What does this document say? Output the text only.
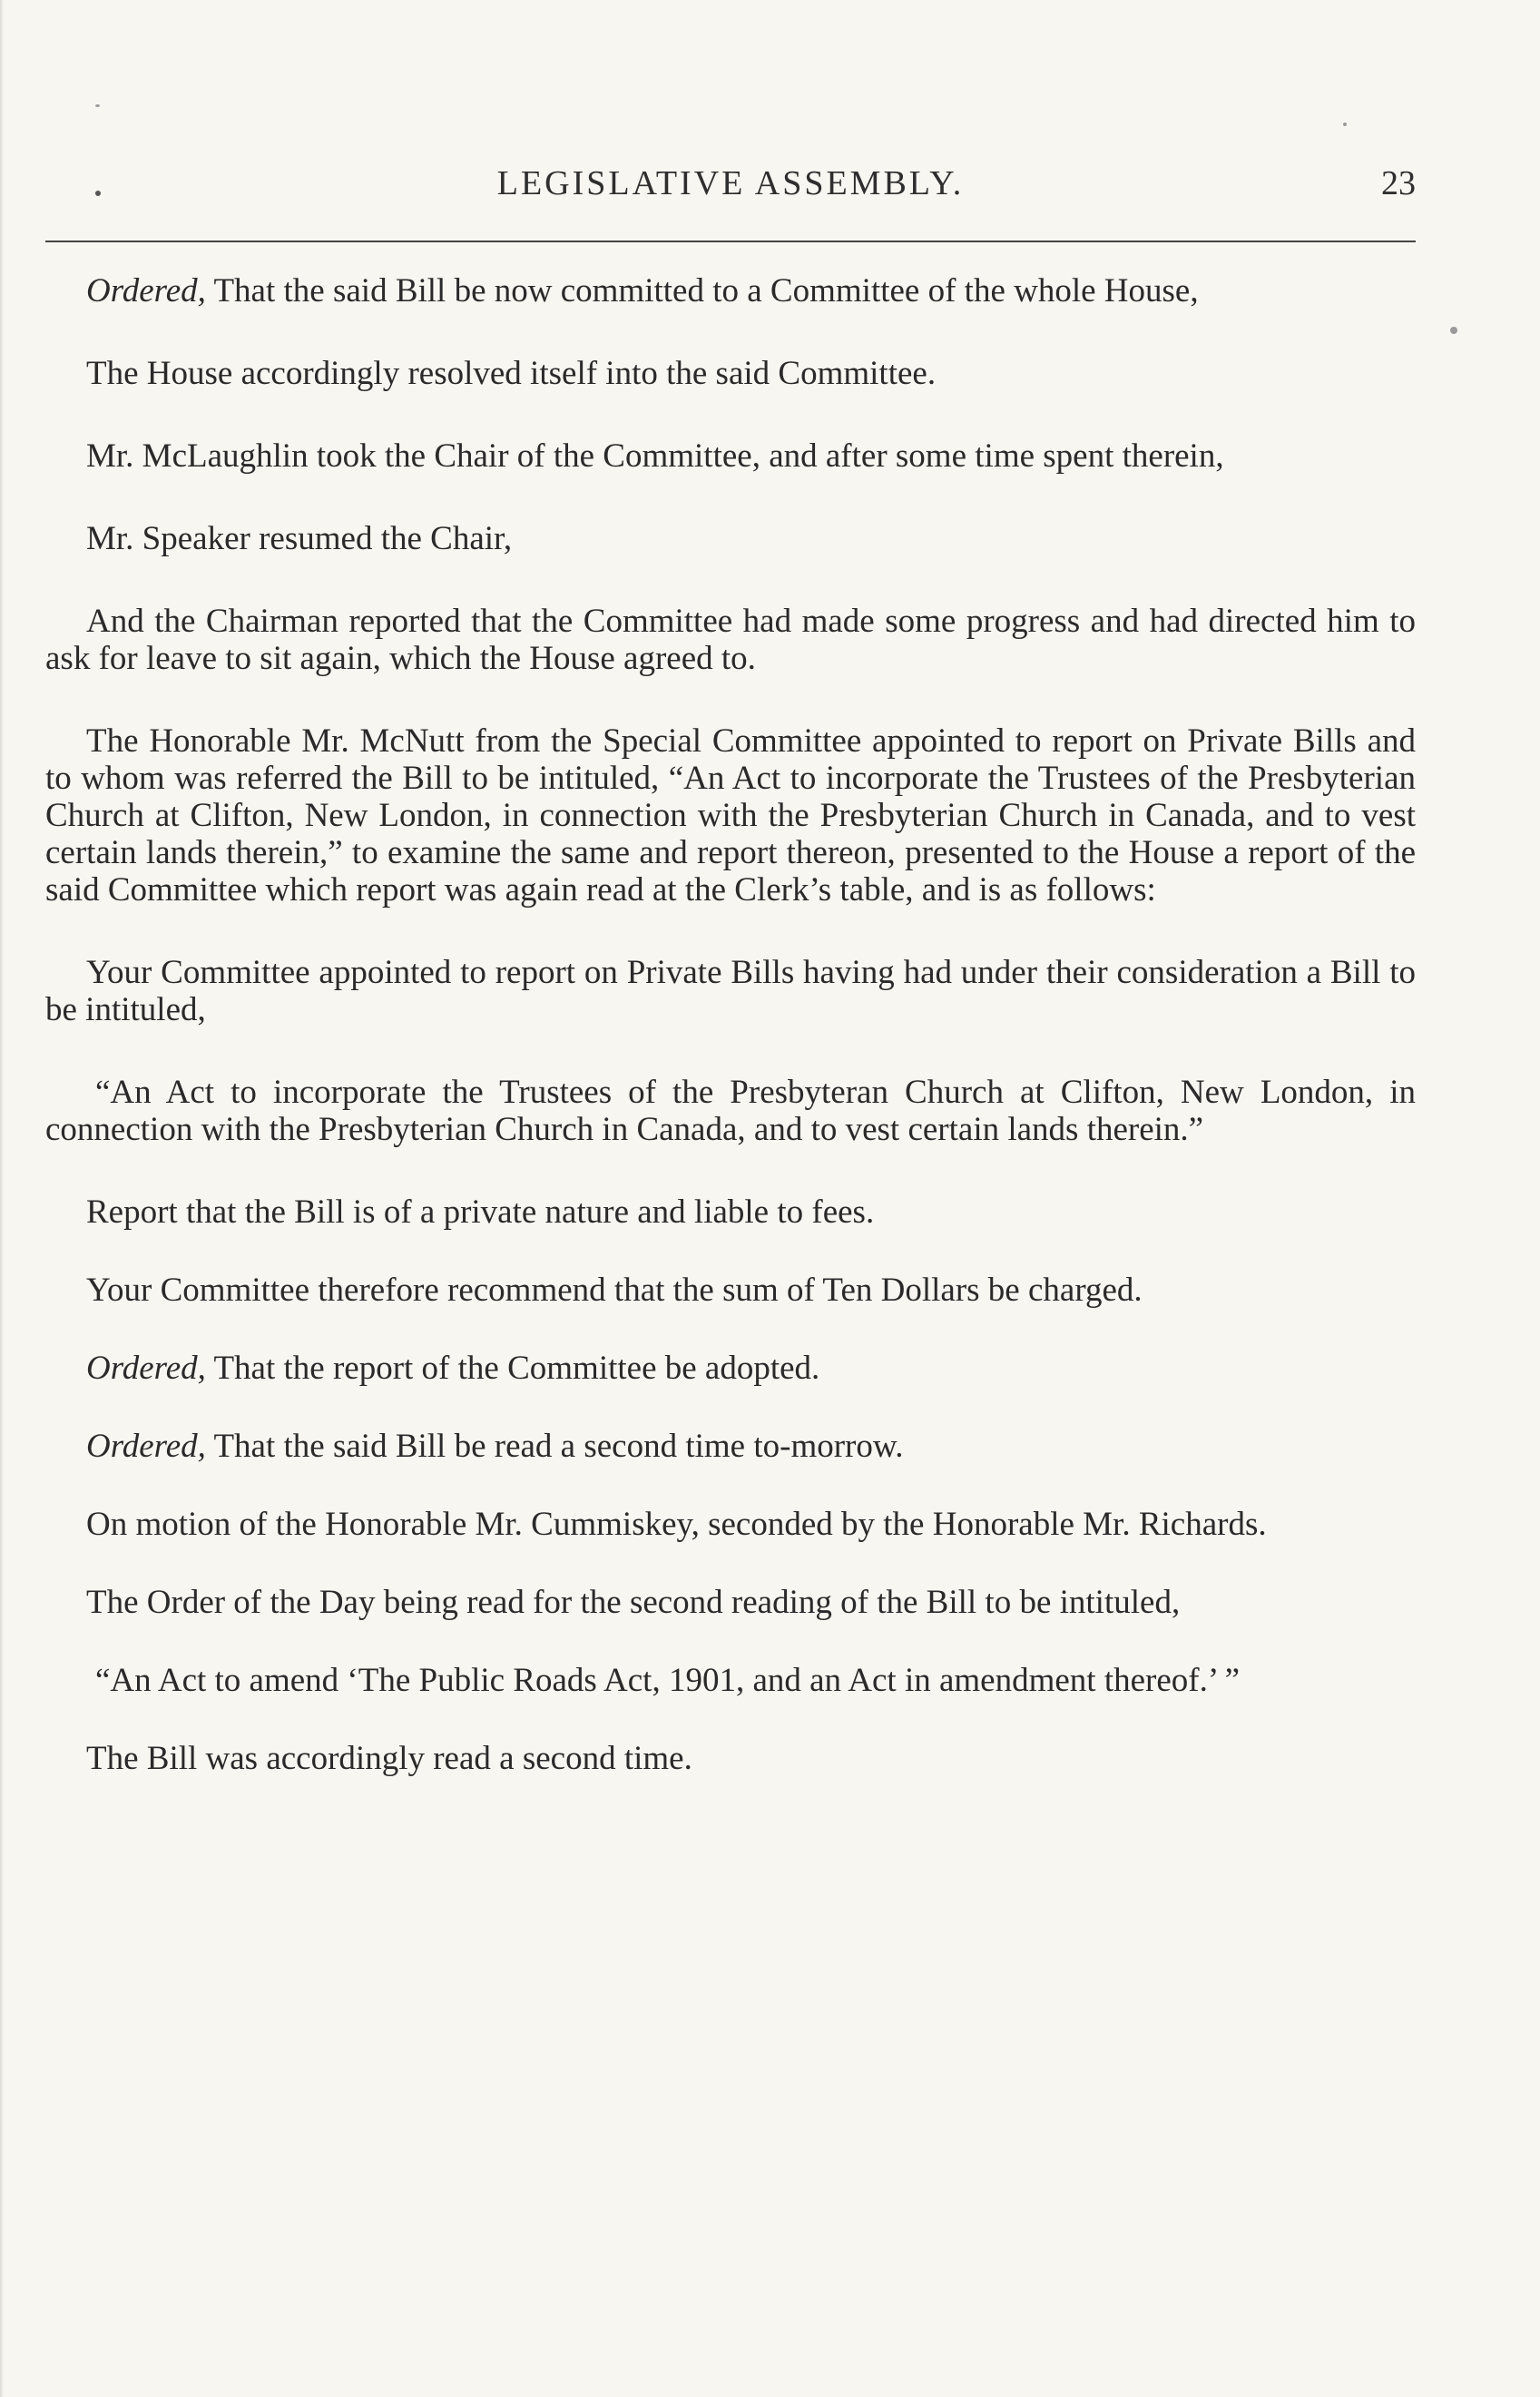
LEGISLATIVE ASSEMBLY.	23

Ordered, That the said Bill be now committed to a Committee of the whole House,

The House accordingly resolved itself into the said Committee.

Mr. McLaughlin took the Chair of the Committee, and after some time spent therein,

Mr. Speaker resumed the Chair,

And the Chairman reported that the Committee had made some progress and had directed him to ask for leave to sit again, which the House agreed to.

The Honorable Mr. McNutt from the Special Committee appointed to report on Private Bills and to whom was referred the Bill to be intituled, “An Act to incorporate the Trustees of the Presbyterian Church at Clifton, New London, in connection with the Presbyterian Church in Canada, and to vest certain lands therein,” to examine the same and report thereon, presented to the House a report of the said Committee which report was again read at the Clerk’s table, and is as follows:

Your Committee appointed to report on Private Bills having had under their consideration a Bill to be intituled,

“An Act to incorporate the Trustees of the Presbyteran Church at Clifton, New London, in connection with the Presbyterian Church in Canada, and to vest certain lands therein.”

Report that the Bill is of a private nature and liable to fees.

Your Committee therefore recommend that the sum of Ten Dollars be charged.

Ordered, That the report of the Committee be adopted.

Ordered, That the said Bill be read a second time to-morrow.

On motion of the Honorable Mr. Cummiskey, seconded by the Honorable Mr. Richards.

The Order of the Day being read for the second reading of the Bill to be intituled,

“An Act to amend ‘The Public Roads Act, 1901, and an Act in amendment thereof.’ ”

The Bill was accordingly read a second time.
